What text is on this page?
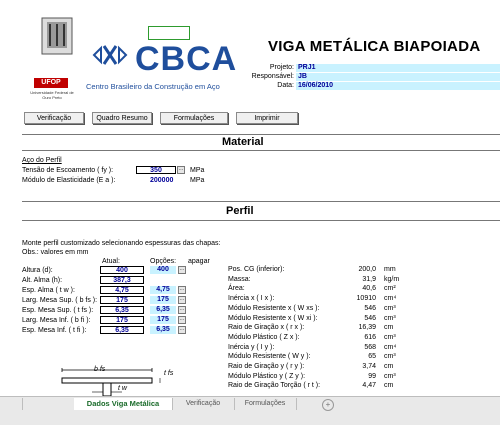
UFOP
Universidade Federal de Ouro Preto
CBCA
Centro Brasileiro da Construção em Aço
VIGA METÁLICA BIAPOIADA
Projeto: PRJ1
Responsável: JB
Data: 16/06/2010
Verificação	Quadro Resumo	Formulações	Imprimir
Material
Aço do Perfil
Tensão de Escoamento ( fy ):	350	... MPa
Módulo de Elasticidade (E a ):	200000 MPa
Perfil
Monte perfil customizado selecionando espessuras das chapas:
Obs.: valores em mm
Atual:	Opções: apagar
Altura (d):	400	400	...
Alt. Alma (h):	387,3
Esp. Alma ( t w ):	4,75	4,75	...
Larg. Mesa Sup. ( b fs ):	175	175	...
Esp. Mesa Sup. ( t fs ):	6,35	6,35	...
Larg. Mesa Inf. ( b fi ):	175	175	...
Esp. Mesa Inf. ( t fi ):	6,35	6,35	...
Pos. CG (inferior):	200,0 mm
Massa:	31,9 kg/m
Área:	40,6 cm²
Inércia x ( I x ):	10910 cm⁴
Módulo Resistente x ( W xs ):	546 cm³
Módulo Resistente x ( W xi ):	546 cm³
Raio de Giração x ( r x ):	16,39 cm
Módulo Plástico ( Z x ):	616 cm³
Inércia y ( I y ):	568 cm⁴
Módulo Resistente ( W y ):	65 cm³
Raio de Giração y ( r y ):	3,74 cm
Módulo Plástico y ( Z y ):	99 cm³
Raio de Giração Torção ( r t ):	4,47 cm
b fs
t fs
t w
Dados Viga Metálica	Verificação	Formulações	+
